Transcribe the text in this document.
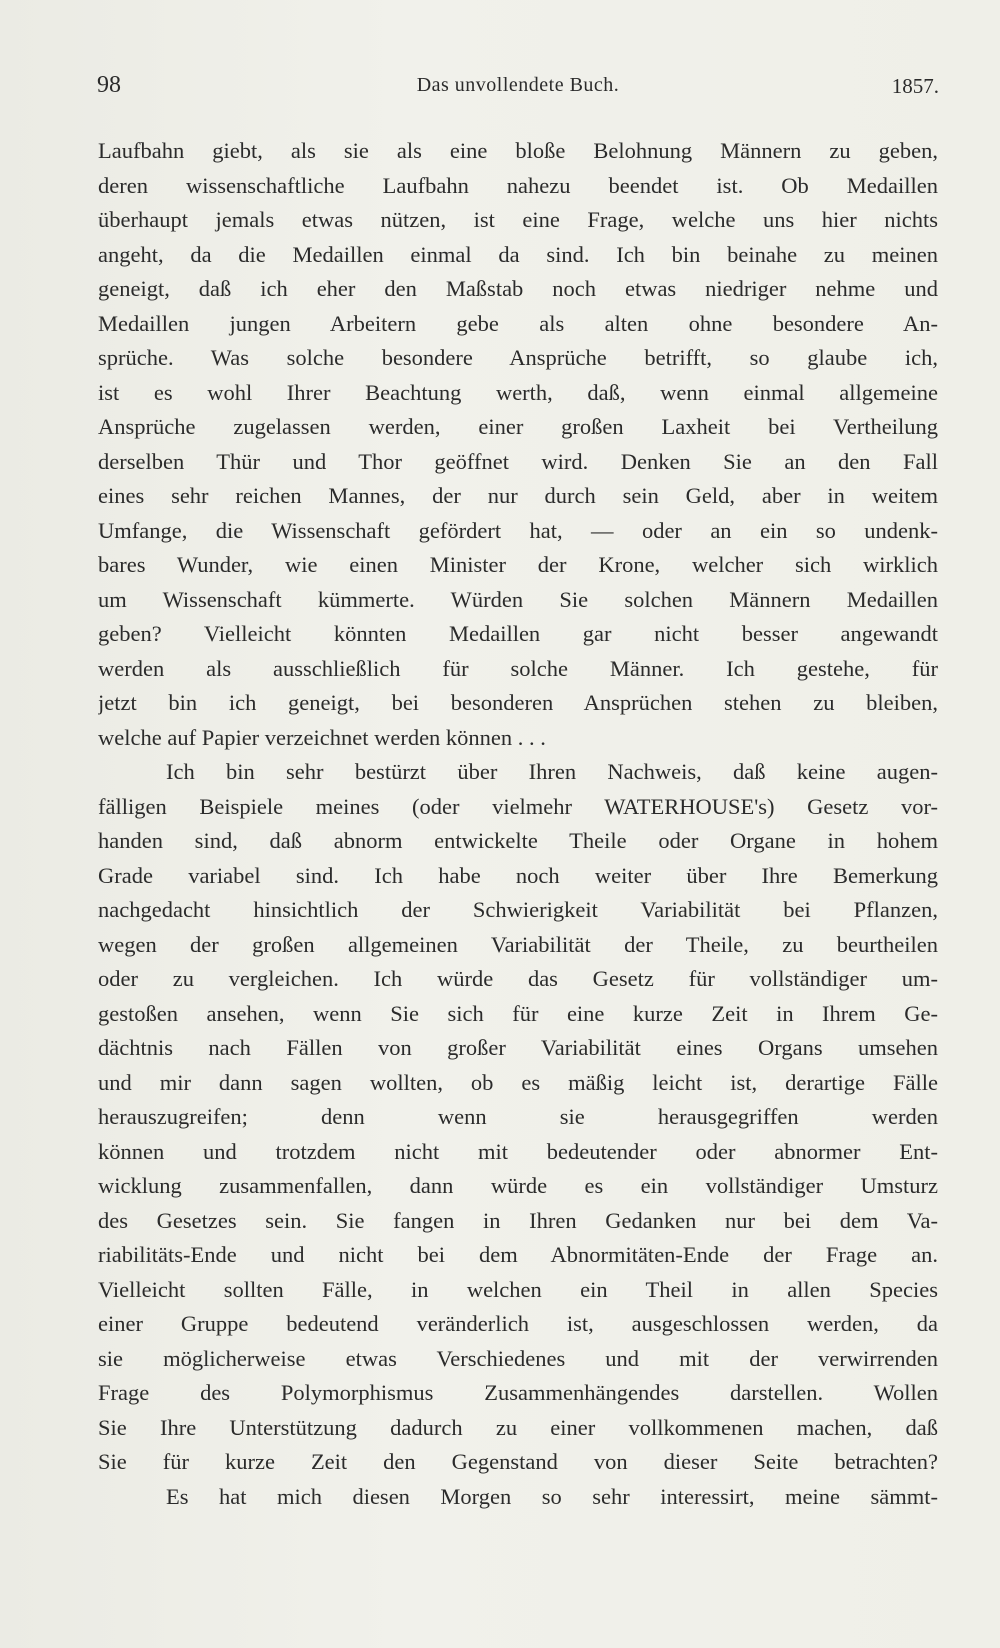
98	Das unvollendete Buch.	1857.
Laufbahn giebt, als sie als eine bloße Belohnung Männern zu geben,
deren wissenschaftliche Laufbahn nahezu beendet ist. Ob Medaillen
überhaupt jemals etwas nützen, ist eine Frage, welche uns hier nichts
angeht, da die Medaillen einmal da sind. Ich bin beinahe zu meinen
geneigt, daß ich eher den Maßstab noch etwas niedriger nehme und
Medaillen jungen Arbeitern gebe als alten ohne besondere An-
sprüche. Was solche besondere Ansprüche betrifft, so glaube ich,
ist es wohl Ihrer Beachtung werth, daß, wenn einmal allgemeine
Ansprüche zugelassen werden, einer großen Laxheit bei Vertheilung
derselben Thür und Thor geöffnet wird. Denken Sie an den Fall
eines sehr reichen Mannes, der nur durch sein Geld, aber in weitem
Umfange, die Wissenschaft gefördert hat, — oder an ein so undenk-
bares Wunder, wie einen Minister der Krone, welcher sich wirklich
um Wissenschaft kümmerte. Würden Sie solchen Männern Medaillen
geben? Vielleicht könnten Medaillen gar nicht besser angewandt
werden als ausschließlich für solche Männer. Ich gestehe, für
jetzt bin ich geneigt, bei besonderen Ansprüchen stehen zu bleiben,
welche auf Papier verzeichnet werden können . . .
Ich bin sehr bestürzt über Ihren Nachweis, daß keine augen-
fälligen Beispiele meines (oder vielmehr WATERHOUSE's) Gesetz vor-
handen sind, daß abnorm entwickelte Theile oder Organe in hohem
Grade variabel sind. Ich habe noch weiter über Ihre Bemerkung
nachgedacht hinsichtlich der Schwierigkeit Variabilität bei Pflanzen,
wegen der großen allgemeinen Variabilität der Theile, zu beurtheilen
oder zu vergleichen. Ich würde das Gesetz für vollständiger um-
gestoßen ansehen, wenn Sie sich für eine kurze Zeit in Ihrem Ge-
dächtnis nach Fällen von großer Variabilität eines Organs umsehen
und mir dann sagen wollten, ob es mäßig leicht ist, derartige Fälle
herauszugreifen; denn wenn sie herausgegriffen werden
können und trotzdem nicht mit bedeutender oder abnormer Ent-
wicklung zusammenfallen, dann würde es ein vollständiger Umsturz
des Gesetzes sein. Sie fangen in Ihren Gedanken nur bei dem Va-
riabilitäts-Ende und nicht bei dem Abnormitäten-Ende der Frage an.
Vielleicht sollten Fälle, in welchen ein Theil in allen Species
einer Gruppe bedeutend veränderlich ist, ausgeschlossen werden, da
sie möglicherweise etwas Verschiedenes und mit der verwirrenden
Frage des Polymorphismus Zusammenhängendes darstellen. Wollen
Sie Ihre Unterstützung dadurch zu einer vollkommenen machen, daß
Sie für kurze Zeit den Gegenstand von dieser Seite betrachten?
Es hat mich diesen Morgen so sehr interessirt, meine sämmt-
